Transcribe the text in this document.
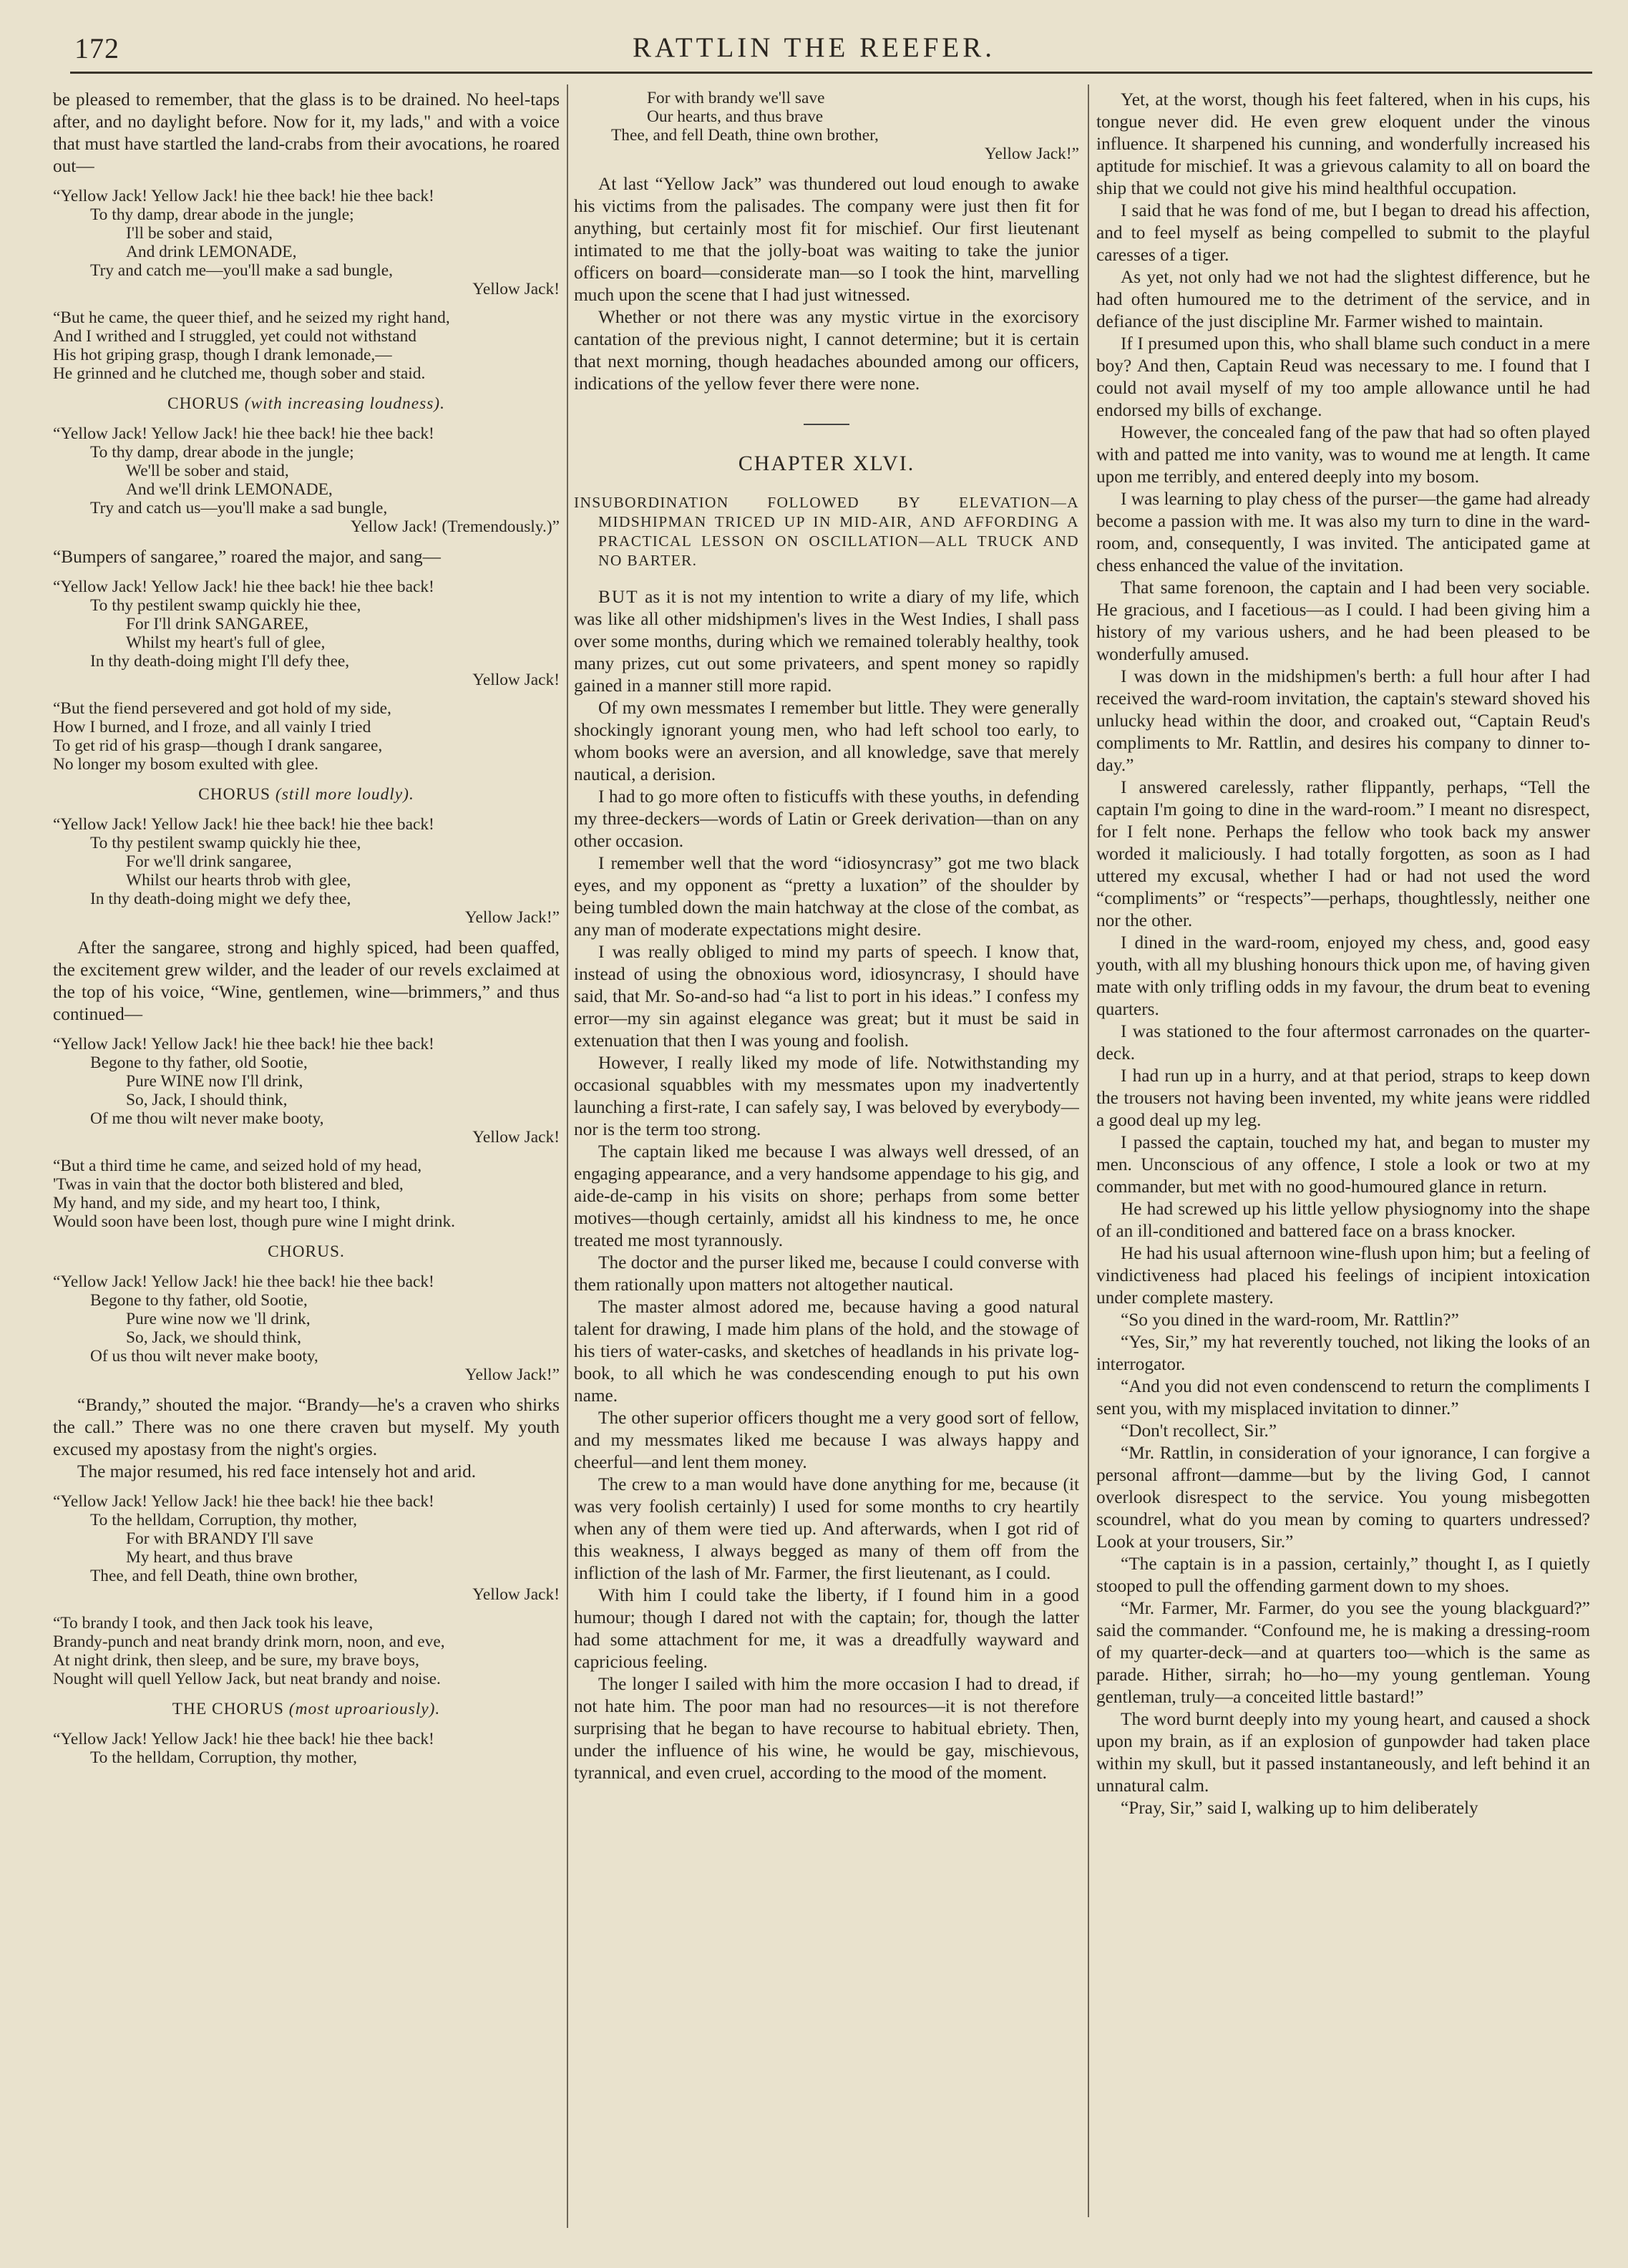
172	RATTLIN THE REEFER.

be pleased to remember, that the glass is to be drained. No heel-taps after, and no daylight before. Now for it, my lads," and with a voice that must have startled the land-crabs from their avocations, he roared out—

“Yellow Jack! Yellow Jack! hie thee back! hie thee back!
To thy damp, drear abode in the jungle;
I'll be sober and staid,
And drink LEMONADE,
Try and catch me—you'll make a sad bungle,
Yellow Jack!
“But he came, the queer thief, and he seized my right hand,
And I writhed and I struggled, yet could not withstand
His hot griping grasp, though I drank lemonade,—
He grinned and he clutched me, though sober and staid.
CHORUS (with increasing loudness).
“Yellow Jack! Yellow Jack! hie thee back! hie thee back!
To thy damp, drear abode in the jungle;
We'll be sober and staid,
And we'll drink LEMONADE,
Try and catch us—you'll make a sad bungle,
Yellow Jack! (Tremendously.)”

“Bumpers of sangaree,” roared the major, and sang—

“Yellow Jack! Yellow Jack! hie thee back! hie thee back!
To thy pestilent swamp quickly hie thee,
For I'll drink SANGAREE,
Whilst my heart's full of glee,
In thy death-doing might I'll defy thee,
Yellow Jack!
“But the fiend persevered and got hold of my side,
How I burned, and I froze, and all vainly I tried
To get rid of his grasp—though I drank sangaree,
No longer my bosom exulted with glee.
CHORUS (still more loudly).
“Yellow Jack! Yellow Jack! hie thee back! hie thee back!
To thy pestilent swamp quickly hie thee,
For we'll drink sangaree,
Whilst our hearts throb with glee,
In thy death-doing might we defy thee,
Yellow Jack!”

After the sangaree, strong and highly spiced, had been quaffed, the excitement grew wilder, and the leader of our revels exclaimed at the top of his voice, “Wine, gentlemen, wine—brimmers,” and thus continued—

“Yellow Jack! Yellow Jack! hie thee back! hie thee back!
Begone to thy father, old Sootie,
Pure WINE now I'll drink,
So, Jack, I should think,
Of me thou wilt never make booty,
Yellow Jack!
“But a third time he came, and seized hold of my head,
'Twas in vain that the doctor both blistered and bled,
My hand, and my side, and my heart too, I think,
Would soon have been lost, though pure wine I might drink.
CHORUS.
“Yellow Jack! Yellow Jack! hie thee back! hie thee back!
Begone to thy father, old Sootie,
Pure wine now we 'll drink,
So, Jack, we should think,
Of us thou wilt never make booty,
Yellow Jack!”

“Brandy,” shouted the major. “Brandy—he's a craven who shirks the call.” There was no one there craven but myself. My youth excused my apostasy from the night's orgies.

The major resumed, his red face intensely hot and arid.

“Yellow Jack! Yellow Jack! hie thee back! hie thee back!
To the helldam, Corruption, thy mother,
For with BRANDY I'll save
My heart, and thus brave
Thee, and fell Death, thine own brother,
Yellow Jack!
“To brandy I took, and then Jack took his leave,
Brandy-punch and neat brandy drink morn, noon, and eve,
At night drink, then sleep, and be sure, my brave boys,
Nought will quell Yellow Jack, but neat brandy and noise.
THE CHORUS (most uproariously).
“Yellow Jack! Yellow Jack! hie thee back! hie thee back!
To the helldam, Corruption, thy mother,
For with brandy we'll save
Our hearts, and thus brave
Thee, and fell Death, thine own brother,
Yellow Jack!”

At last “Yellow Jack” was thundered out loud enough to awake his victims from the palisades. The company were just then fit for anything, but certainly most fit for mischief. Our first lieutenant intimated to me that the jolly-boat was waiting to take the junior officers on board—considerate man—so I took the hint, marvelling much upon the scene that I had just witnessed.

Whether or not there was any mystic virtue in the exorcisory cantation of the previous night, I cannot determine; but it is certain that next morning, though headaches abounded among our officers, indications of the yellow fever there were none.

CHAPTER XLVI.
INSUBORDINATION FOLLOWED BY ELEVATION—A MIDSHIPMAN TRICED UP IN MID-AIR, AND AFFORDING A PRACTICAL LESSON ON OSCILLATION—ALL TRUCK AND NO BARTER.

BUT as it is not my intention to write a diary of my life, which was like all other midshipmen's lives in the West Indies, I shall pass over some months, during which we remained tolerably healthy, took many prizes, cut out some privateers, and spent money so rapidly gained in a manner still more rapid.

Of my own messmates I remember but little. They were generally shockingly ignorant young men, who had left school too early, to whom books were an aversion, and all knowledge, save that merely nautical, a derision.

I had to go more often to fisticuffs with these youths, in defending my three-deckers—words of Latin or Greek derivation—than on any other occasion.

I remember well that the word “idiosyncrasy” got me two black eyes, and my opponent as “pretty a luxation” of the shoulder by being tumbled down the main hatchway at the close of the combat, as any man of moderate expectations might desire.

I was really obliged to mind my parts of speech. I know that, instead of using the obnoxious word, idiosyncrasy, I should have said, that Mr. So-and-so had “a list to port in his ideas.” I confess my error—my sin against elegance was great; but it must be said in extenuation that then I was young and foolish.

However, I really liked my mode of life. Notwithstanding my occasional squabbles with my messmates upon my inadvertently launching a first-rate, I can safely say, I was beloved by everybody—nor is the term too strong.

The captain liked me because I was always well dressed, of an engaging appearance, and a very handsome appendage to his gig, and aide-de-camp in his visits on shore; perhaps from some better motives—though certainly, amidst all his kindness to me, he once treated me most tyrannously.

The doctor and the purser liked me, because I could converse with them rationally upon matters not altogether nautical.

The master almost adored me, because having a good natural talent for drawing, I made him plans of the hold, and the stowage of his tiers of water-casks, and sketches of headlands in his private log-book, to all which he was condescending enough to put his own name.

The other superior officers thought me a very good sort of fellow, and my messmates liked me because I was always happy and cheerful—and lent them money.

The crew to a man would have done anything for me, because (it was very foolish certainly) I used for some months to cry heartily when any of them were tied up. And afterwards, when I got rid of this weakness, I always begged as many of them off from the infliction of the lash of Mr. Farmer, the first lieutenant, as I could.

With him I could take the liberty, if I found him in a good humour; though I dared not with the captain; for, though the latter had some attachment for me, it was a dreadfully wayward and capricious feeling.

The longer I sailed with him the more occasion I had to dread, if not hate him. The poor man had no resources—it is not therefore surprising that he began to have recourse to habitual ebriety. Then, under the influence of his wine, he would be gay, mischievous, tyrannical, and even cruel, according to the mood of the moment.

Yet, at the worst, though his feet faltered, when in his cups, his tongue never did. He even grew eloquent under the vinous influence. It sharpened his cunning, and wonderfully increased his aptitude for mischief. It was a grievous calamity to all on board the ship that we could not give his mind healthful occupation.

I said that he was fond of me, but I began to dread his affection, and to feel myself as being compelled to submit to the playful caresses of a tiger.

As yet, not only had we not had the slightest difference, but he had often humoured me to the detriment of the service, and in defiance of the just discipline Mr. Farmer wished to maintain.

If I presumed upon this, who shall blame such conduct in a mere boy? And then, Captain Reud was necessary to me. I found that I could not avail myself of my too ample allowance until he had endorsed my bills of exchange.

However, the concealed fang of the paw that had so often played with and patted me into vanity, was to wound me at length. It came upon me terribly, and entered deeply into my bosom.

I was learning to play chess of the purser—the game had already become a passion with me. It was also my turn to dine in the ward-room, and, consequently, I was invited. The anticipated game at chess enhanced the value of the invitation.

That same forenoon, the captain and I had been very sociable. He gracious, and I facetious—as I could. I had been giving him a history of my various ushers, and he had been pleased to be wonderfully amused.

I was down in the midshipmen's berth: a full hour after I had received the ward-room invitation, the captain's steward shoved his unlucky head within the door, and croaked out, “Captain Reud's compliments to Mr. Rattlin, and desires his company to dinner to-day.”

I answered carelessly, rather flippantly, perhaps, “Tell the captain I'm going to dine in the ward-room.” I meant no disrespect, for I felt none. Perhaps the fellow who took back my answer worded it maliciously. I had totally forgotten, as soon as I had uttered my excusal, whether I had or had not used the word “compliments” or “respects”—perhaps, thoughtlessly, neither one nor the other.

I dined in the ward-room, enjoyed my chess, and, good easy youth, with all my blushing honours thick upon me, of having given mate with only trifling odds in my favour, the drum beat to evening quarters.

I was stationed to the four aftermost carronades on the quarter-deck.

I had run up in a hurry, and at that period, straps to keep down the trousers not having been invented, my white jeans were riddled a good deal up my leg.

I passed the captain, touched my hat, and began to muster my men. Unconscious of any offence, I stole a look or two at my commander, but met with no good-humoured glance in return.

He had screwed up his little yellow physiognomy into the shape of an ill-conditioned and battered face on a brass knocker.

He had his usual afternoon wine-flush upon him; but a feeling of vindictiveness had placed his feelings of incipient intoxication under complete mastery.

“So you dined in the ward-room, Mr. Rattlin?”

“Yes, Sir,” my hat reverently touched, not liking the looks of an interrogator.

“And you did not even condenscend to return the compliments I sent you, with my misplaced invitation to dinner.”

“Don't recollect, Sir.”

“Mr. Rattlin, in consideration of your ignorance, I can forgive a personal affront—damme—but by the living God, I cannot overlook disrespect to the service. You young misbegotten scoundrel, what do you mean by coming to quarters undressed? Look at your trousers, Sir.”

“The captain is in a passion, certainly,” thought I, as I quietly stooped to pull the offending garment down to my shoes.

“Mr. Farmer, Mr. Farmer, do you see the young blackguard?” said the commander. “Confound me, he is making a dressing-room of my quarter-deck—and at quarters too—which is the same as parade. Hither, sirrah; ho—ho—my young gentleman. Young gentleman, truly—a conceited little bastard!”

The word burnt deeply into my young heart, and caused a shock upon my brain, as if an explosion of gunpowder had taken place within my skull, but it passed instantaneously, and left behind it an unnatural calm.

“Pray, Sir,” said I, walking up to him deliberately
